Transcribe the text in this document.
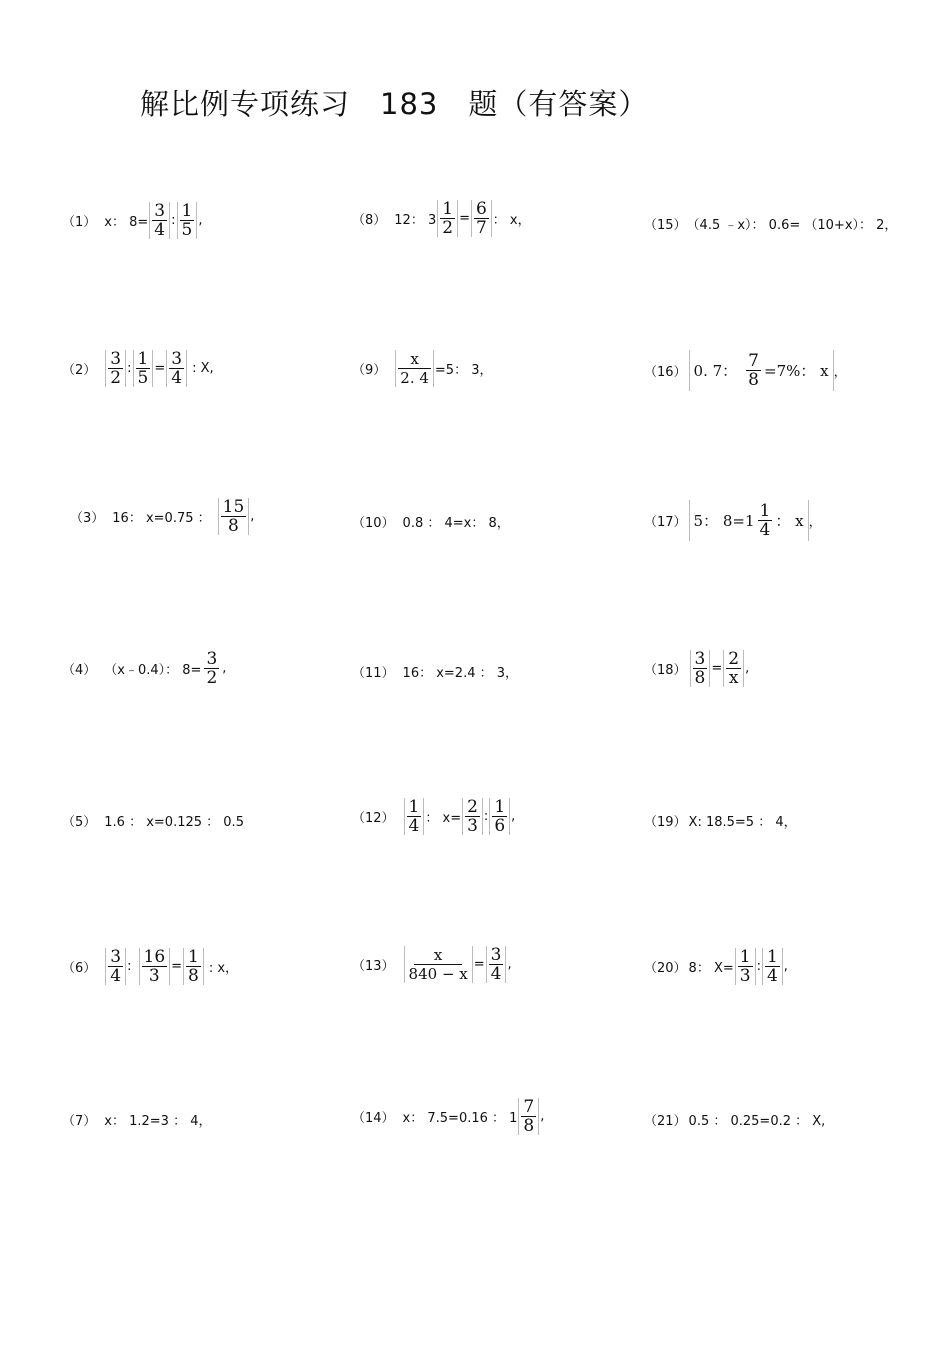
解比例专项练习　183　题（有答案）
（1） x： $8= \frac{3}{4}$ : $\frac{1}{5}$ ,
$(2) \frac{3}{2}$ : $\frac{1}{5} = \frac{3}{4}$ : X,
（3） 16： x=0.75 ： $\frac{15}{8}$ ,
（4） （x﹣0.4）： $8= \frac{3}{2}$ ,
（5） 1.6 ： x=0.125 ： 0.5
$(6) \frac{3}{4}$ : $\frac{16}{3} = \frac{1}{8}$ : x，
（7） x： 1.2=3 ： 4，
（8） 12： $3 \frac{1}{2} = \frac{6}{7}$ ： x，
$(9) \frac{x}{2. 4} =5$： 3，
（10） 0.8 ： 4=x： 8，
（11） 16： x=2.4 ： 3，
$(12) \frac{1}{4}$ ： $x= \frac{2}{3}$ : $\frac{1}{6}$ ,
$(13) \frac{x}{840 - x} = \frac{3}{4}$ ,
（14） x： 7.5=0.16 ： $1 \frac{7}{8}$ ,
（15） （4.5 ﹣x）： 0.6= （10+x）： 2，
（16） 0. 7： $\frac{7}{8} =7\%$： x ，
（17） 5： $8=1 \frac{1}{4}$ ： x ，
$(18) \frac{3}{8} = \frac{2}{x}$ ,
（19） X: 18.5=5 ： 4，
（20） 8： $X= \frac{1}{3}$ : $\frac{1}{4}$ ,
（21） 0.5 ： 0.25=0.2 ： X,
